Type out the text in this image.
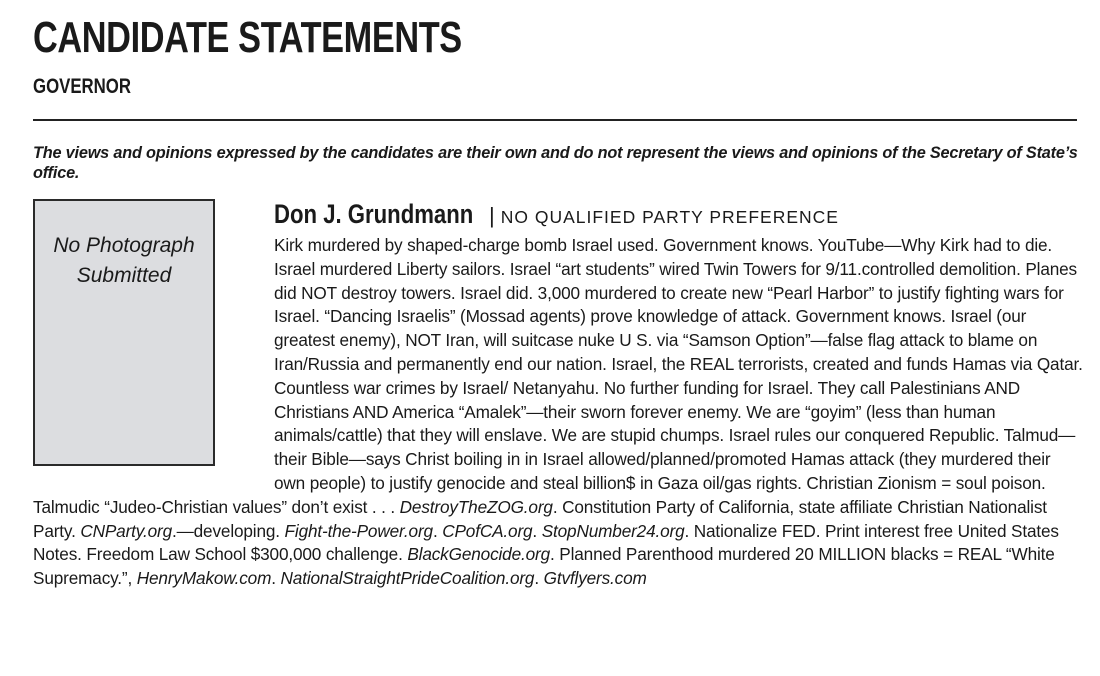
CANDIDATE STATEMENTS
GOVERNOR
The views and opinions expressed by the candidates are their own and do not represent the views and opinions of the Secretary of State’s office.
No Photograph
Submitted
Don J. Grundmann | NO QUALIFIED PARTY PREFERENCE
Kirk murdered by shaped-charge bomb Israel used. Government knows. YouTube—Why Kirk had to die. Israel murdered Liberty sailors. Israel “art students” wired Twin Towers for 9/11.controlled demolition. Planes did NOT destroy towers. Israel did. 3,000 murdered to create new “Pearl Harbor” to justify fighting wars for Israel. “Dancing Israelis” (Mossad agents) prove knowledge of attack. Government knows. Israel (our greatest enemy), NOT Iran, will suitcase nuke U S. via “Samson Option”—false flag attack to blame on Iran/Russia and permanently end our nation. Israel, the REAL terrorists, created and funds Hamas via Qatar. Countless war crimes by Israel/ Netanyahu. No further funding for Israel. They call Palestinians AND Christians AND America “Amalek”—their sworn forever enemy. We are “goyim” (less than human animals/cattle) that they will enslave. We are stupid chumps. Israel rules our conquered Republic. Talmud—their Bible—says Christ boiling in in Israel allowed/planned/promoted Hamas attack (they murdered their own people) to justify genocide and steal billion$ in Gaza oil/gas rights. Christian Zionism = soul poison. Talmudic “Judeo-Christian values” don’t exist . . . DestroyTheZOG.org. Constitution Party of California, state affiliate Christian Nationalist Party. CNParty.org.—developing. Fight-the-Power.org. CPofCA.org. StopNumber24.org. Nationalize FED. Print interest free United States Notes. Freedom Law School $300,000 challenge. BlackGenocide.org. Planned Parenthood murdered 20 MILLION blacks = REAL “White Supremacy.”, HenryMakow.com. NationalStraightPrideCoalition.org. Gtvflyers.com
